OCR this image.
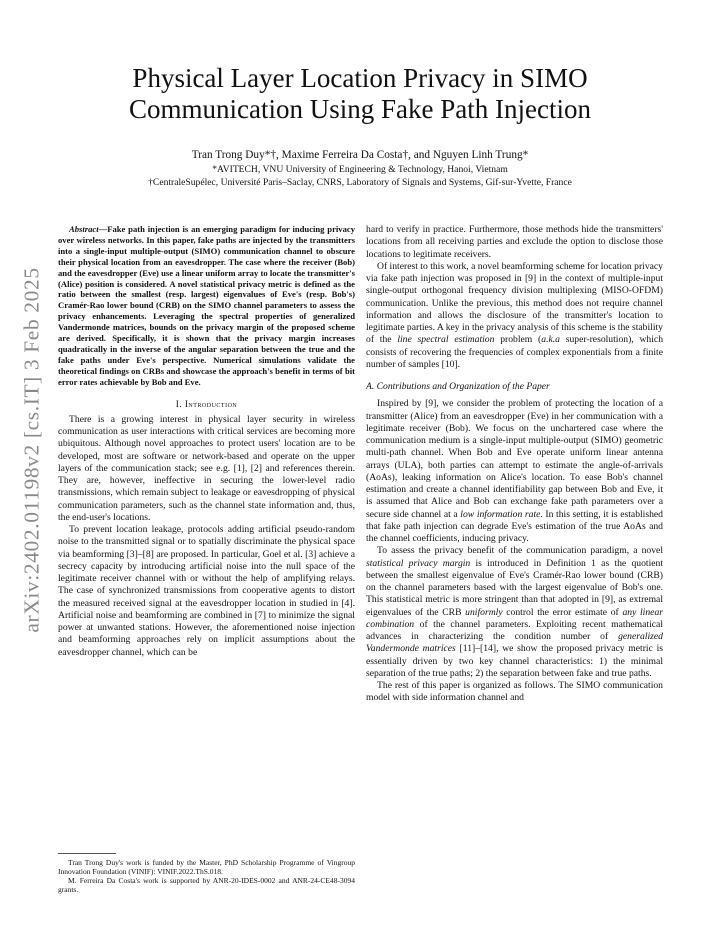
arXiv:2402.01198v2 [cs.IT] 3 Feb 2025
Physical Layer Location Privacy in SIMO
Communication Using Fake Path Injection
Tran Trong Duy*†, Maxime Ferreira Da Costa†, and Nguyen Linh Trung*
*AVITECH, VNU University of Engineering & Technology, Hanoi, Vietnam
†CentraleSupélec, Université Paris–Saclay, CNRS, Laboratory of Signals and Systems, Gif-sur-Yvette, France

Abstract—Fake path injection is an emerging paradigm for inducing privacy over wireless networks. In this paper, fake paths are injected by the transmitters into a single-input multiple-output (SIMO) communication channel to obscure their physical location from an eavesdropper. The case where the receiver (Bob) and the eavesdropper (Eve) use a linear uniform array to locate the transmitter's (Alice) position is considered. A novel statistical privacy metric is defined as the ratio between the smallest (resp. largest) eigenvalues of Eve's (resp. Bob's) Cramér-Rao lower bound (CRB) on the SIMO channel parameters to assess the privacy enhancements. Leveraging the spectral properties of generalized Vandermonde matrices, bounds on the privacy margin of the proposed scheme are derived. Specifically, it is shown that the privacy margin increases quadratically in the inverse of the angular separation between the true and the fake paths under Eve's perspective. Numerical simulations validate the theoretical findings on CRBs and showcase the approach's benefit in terms of bit error rates achievable by Bob and Eve.

I. Introduction

There is a growing interest in physical layer security in wireless communication as user interactions with critical services are becoming more ubiquitous. Although novel approaches to protect users' location are to be developed, most are software or network-based and operate on the upper layers of the communication stack; see e.g. [1], [2] and references therein. They are, however, ineffective in securing the lower-level radio transmissions, which remain subject to leakage or eavesdropping of physical communication parameters, such as the channel state information and, thus, the end-user's locations.

To prevent location leakage, protocols adding artificial pseudo-random noise to the transmitted signal or to spatially discriminate the physical space via beamforming [3]–[8] are proposed. In particular, Goel et al. [3] achieve a secrecy capacity by introducing artificial noise into the null space of the legitimate receiver channel with or without the help of amplifying relays. The case of synchronized transmissions from cooperative agents to distort the measured received signal at the eavesdropper location in studied in [4]. Artificial noise and beamforming are combined in [7] to minimize the signal power at unwanted stations. However, the aforementioned noise injection and beamforming approaches rely on implicit assumptions about the eavesdropper channel, which can be

hard to verify in practice. Furthermore, those methods hide the transmitters' locations from all receiving parties and exclude the option to disclose those locations to legitimate receivers.

Of interest to this work, a novel beamforming scheme for location privacy via fake path injection was proposed in [9] in the context of multiple-input single-output orthogonal frequency division multiplexing (MISO-OFDM) communication. Unlike the previous, this method does not require channel information and allows the disclosure of the transmitter's location to legitimate parties. A key in the privacy analysis of this scheme is the stability of the line spectral estimation problem (a.k.a super-resolution), which consists of recovering the frequencies of complex exponentials from a finite number of samples [10].

A. Contributions and Organization of the Paper

Inspired by [9], we consider the problem of protecting the location of a transmitter (Alice) from an eavesdropper (Eve) in her communication with a legitimate receiver (Bob). We focus on the unchartered case where the communication medium is a single-input multiple-output (SIMO) geometric multi-path channel. When Bob and Eve operate uniform linear antenna arrays (ULA), both parties can attempt to estimate the angle-of-arrivals (AoAs), leaking information on Alice's location. To ease Bob's channel estimation and create a channel identifiability gap between Bob and Eve, it is assumed that Alice and Bob can exchange fake path parameters over a secure side channel at a low information rate. In this setting, it is established that fake path injection can degrade Eve's estimation of the true AoAs and the channel coefficients, inducing privacy.

To assess the privacy benefit of the communication paradigm, a novel statistical privacy margin is introduced in Definition 1 as the quotient between the smallest eigenvalue of Eve's Cramér-Rao lower bound (CRB) on the channel parameters based with the largest eigenvalue of Bob's one. This statistical metric is more stringent than that adopted in [9], as extremal eigenvalues of the CRB uniformly control the error estimate of any linear combination of the channel parameters. Exploiting recent mathematical advances in characterizing the condition number of generalized Vandermonde matrices [11]–[14], we show the proposed privacy metric is essentially driven by two key channel characteristics: 1) the minimal separation of the true paths; 2) the separation between fake and true paths.

The rest of this paper is organized as follows. The SIMO communication model with side information channel and

Tran Trong Duy's work is funded by the Master, PhD Scholarship Programme of Vingroup Innovation Foundation (VINIF): VINIF.2022.ThS.018.

M. Ferreira Da Costa's work is supported by ANR-20-IDES-0002 and ANR-24-CE48-3094 grants.
